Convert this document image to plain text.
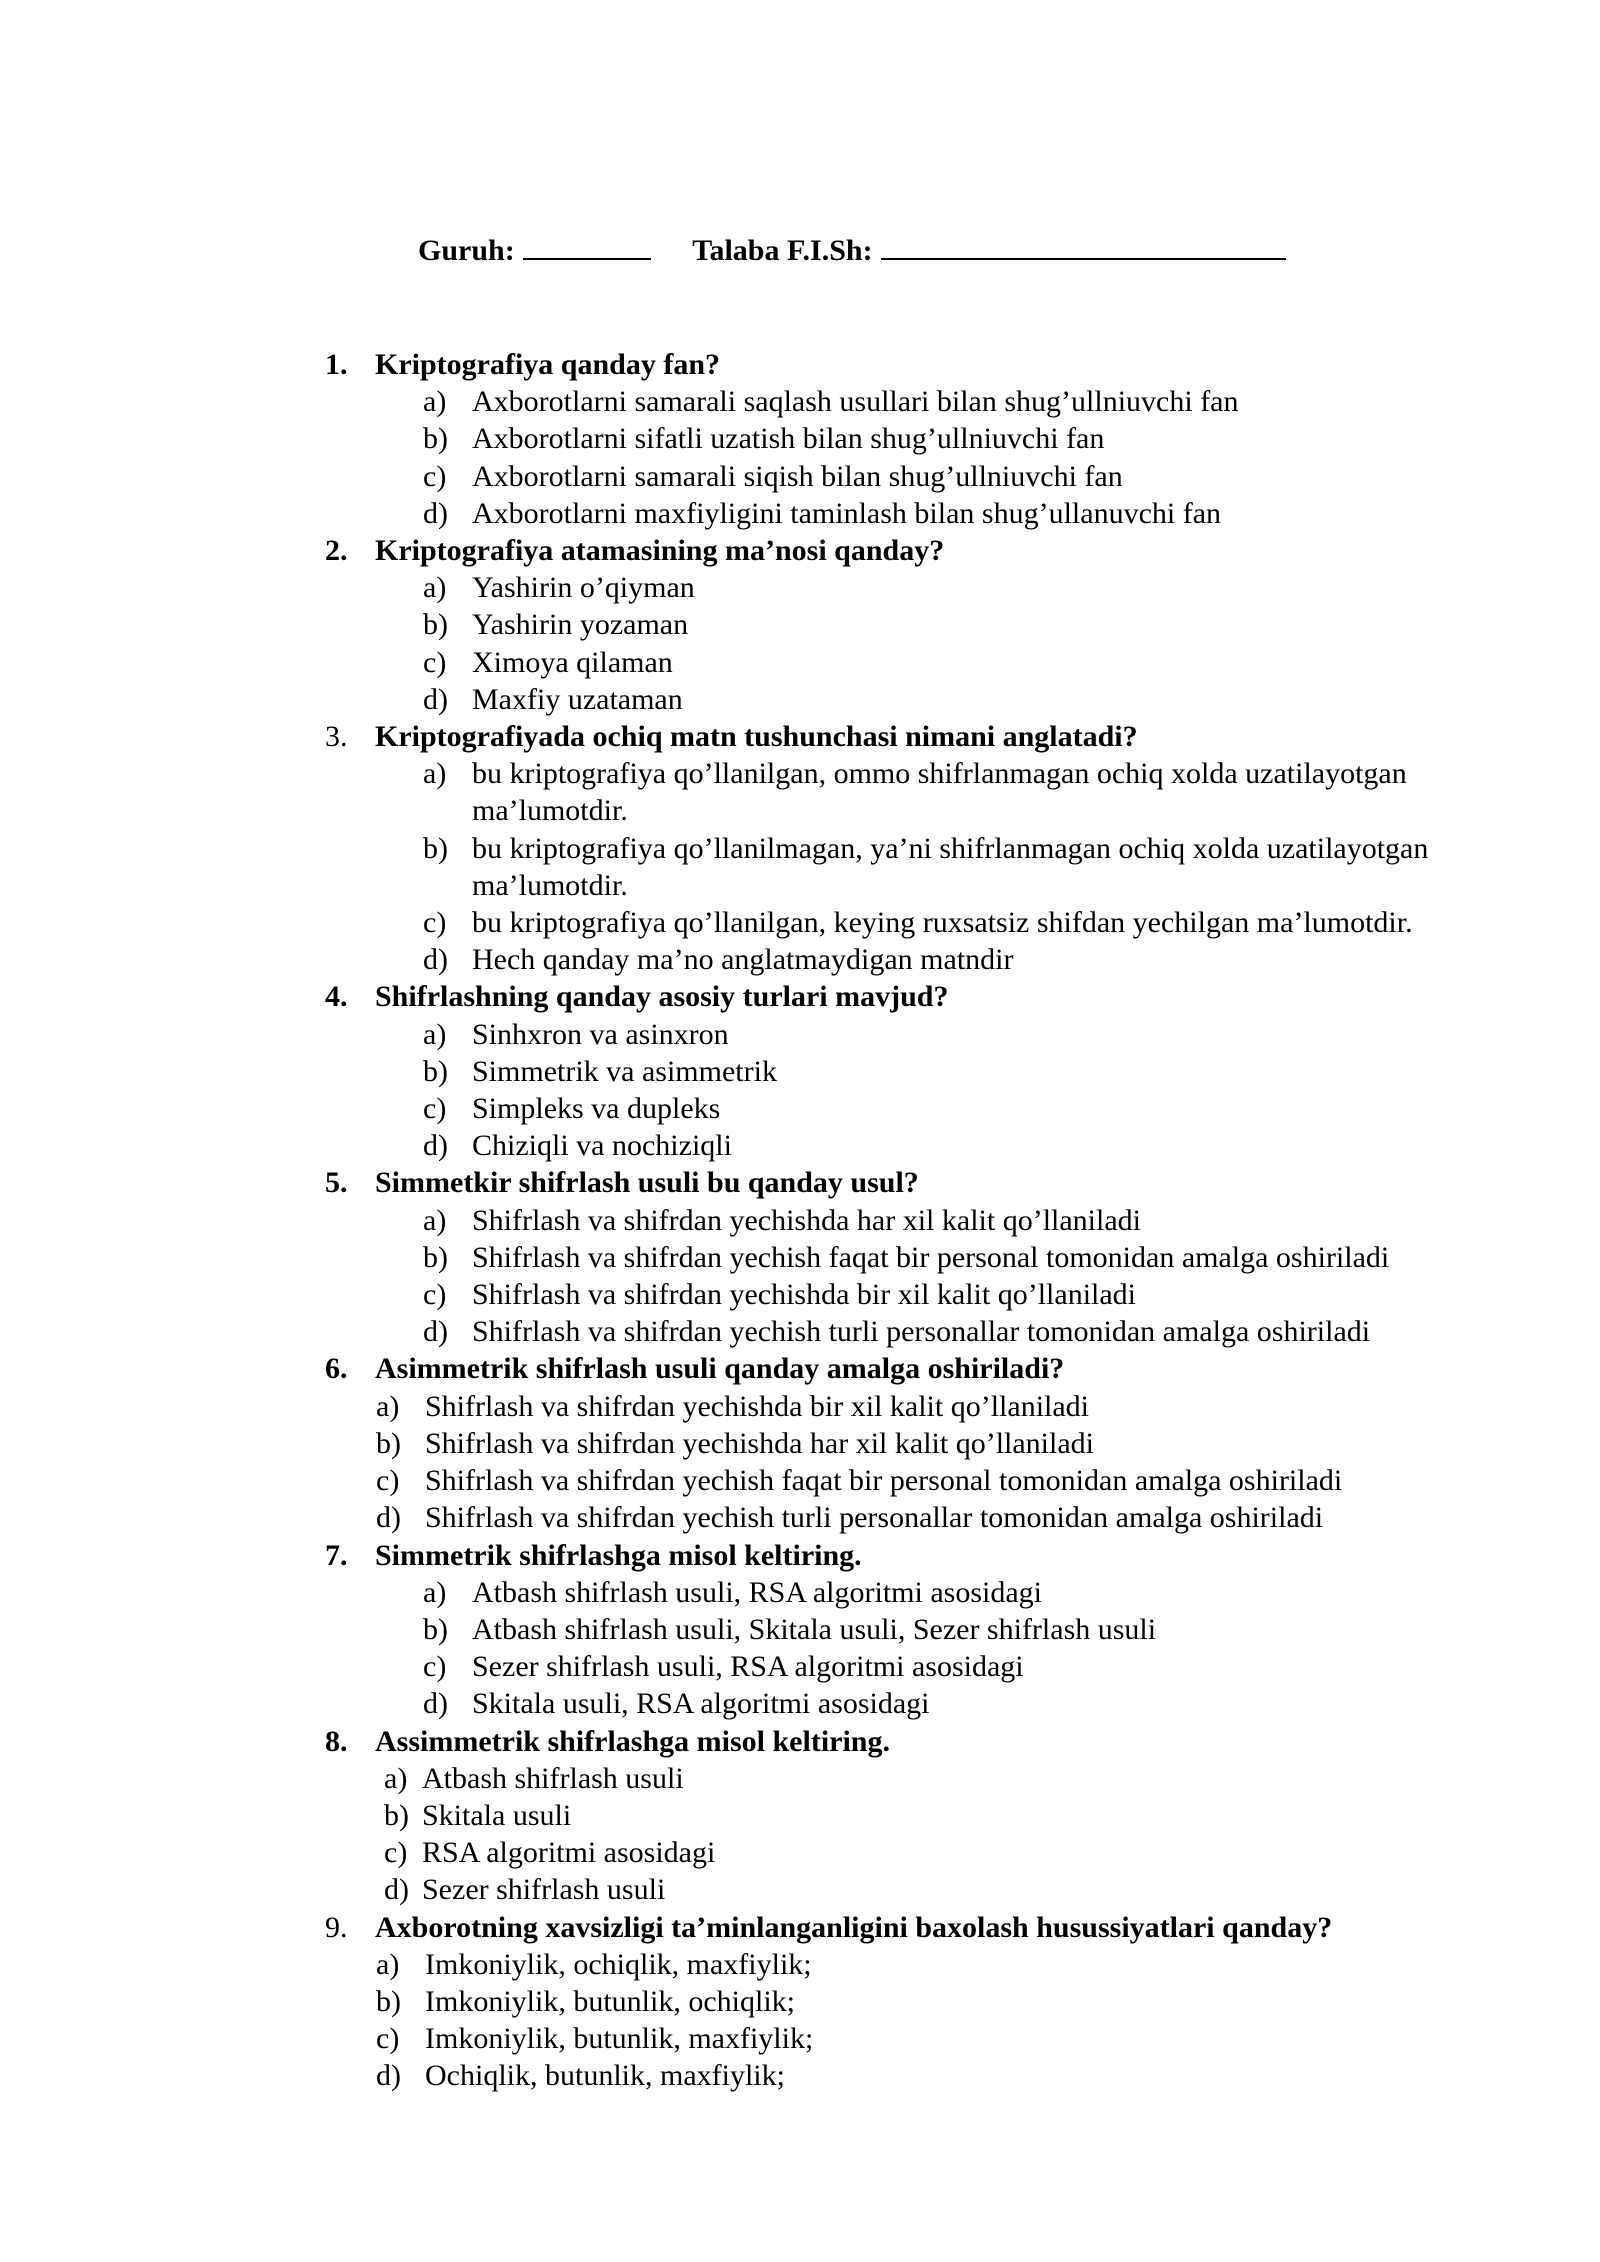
Guruh:	Talaba F.I.Sh:
1. Kriptografiya qanday fan?
a) Axborotlarni samarali saqlash usullari bilan shug’ullniuvchi fan
b) Axborotlarni sifatli uzatish bilan shug’ullniuvchi fan
c) Axborotlarni samarali siqish bilan shug’ullniuvchi fan
d) Axborotlarni maxfiyligini taminlash bilan shug’ullanuvchi fan
2. Kriptografiya atamasining ma’nosi qanday?
a) Yashirin o’qiyman
b) Yashirin yozaman
c) Ximoya qilaman
d) Maxfiy uzataman
3. Kriptografiyada ochiq matn tushunchasi nimani anglatadi?
a) bu kriptografiya qo’llanilgan, ommo shifrlanmagan ochiq xolda uzatilayotgan ma’lumotdir.
b) bu kriptografiya qo’llanilmagan, ya’ni shifrlanmagan ochiq xolda uzatilayotgan ma’lumotdir.
c) bu kriptografiya qo’llanilgan, keying ruxsatsiz shifdan yechilgan ma’lumotdir.
d) Hech qanday ma’no anglatmaydigan matndir
4. Shifrlashning qanday asosiy turlari mavjud?
a) Sinhxron va asinxron
b) Simmetrik va asimmetrik
c) Simpleks va dupleks
d) Chiziqli va nochiziqli
5. Simmetkir shifrlash usuli bu qanday usul?
a) Shifrlash va shifrdan yechishda har xil kalit qo’llaniladi
b) Shifrlash va shifrdan yechish faqat bir personal tomonidan amalga oshiriladi
c) Shifrlash va shifrdan yechishda bir xil kalit qo’llaniladi
d) Shifrlash va shifrdan yechish turli personallar tomonidan amalga oshiriladi
6. Asimmetrik shifrlash usuli qanday amalga oshiriladi?
a) Shifrlash va shifrdan yechishda bir xil kalit qo’llaniladi
b) Shifrlash va shifrdan yechishda har xil kalit qo’llaniladi
c) Shifrlash va shifrdan yechish faqat bir personal tomonidan amalga oshiriladi
d) Shifrlash va shifrdan yechish turli personallar tomonidan amalga oshiriladi
7. Simmetrik shifrlashga misol keltiring.
a) Atbash shifrlash usuli, RSA algoritmi asosidagi
b) Atbash shifrlash usuli, Skitala usuli, Sezer shifrlash usuli
c) Sezer shifrlash usuli, RSA algoritmi asosidagi
d) Skitala usuli, RSA algoritmi asosidagi
8. Assimmetrik shifrlashga misol keltiring.
a) Atbash shifrlash usuli
b) Skitala usuli
c) RSA algoritmi asosidagi
d) Sezer shifrlash usuli
9. Axborotning xavsizligi ta’minlanganligini baxolash husussiyatlari qanday?
a) Imkoniylik, ochiqlik, maxfiylik;
b) Imkoniylik, butunlik, ochiqlik;
c) Imkoniylik, butunlik, maxfiylik;
d) Ochiqlik, butunlik, maxfiylik;
